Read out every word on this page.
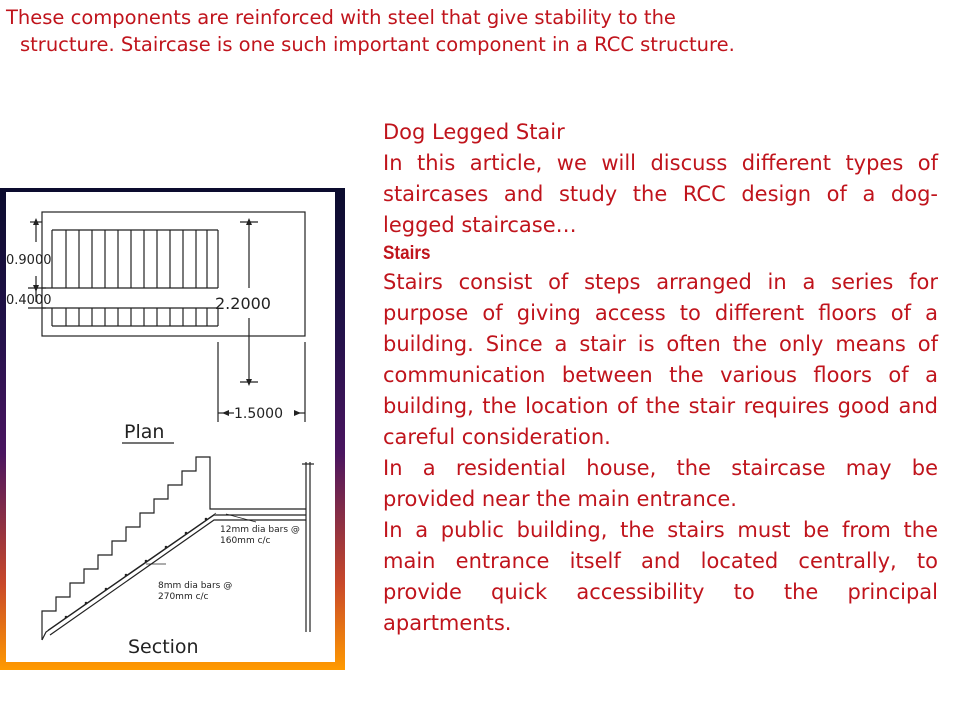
These components are reinforced with steel that give stability to the
structure. Staircase is one such important component in a RCC structure.
0.9000
0.4000	2.2000
1.5000
Plan
12mm dia bars @
160mm c/c
8mm dia bars @
270mm c/c
Section

Dog Legged Stair

In this article, we will discuss different types of staircases and study the RCC design of a dog-legged staircase…

Stairs

Stairs consist of steps arranged in a series for purpose of giving access to different floors of a building. Since a stair is often the only means of communication between the various floors of a building, the location of the stair requires good and careful consideration.

In a residential house, the staircase may be provided near the main entrance.

In a public building, the stairs must be from the main entrance itself and located centrally, to provide quick accessibility to the principal apartments.
